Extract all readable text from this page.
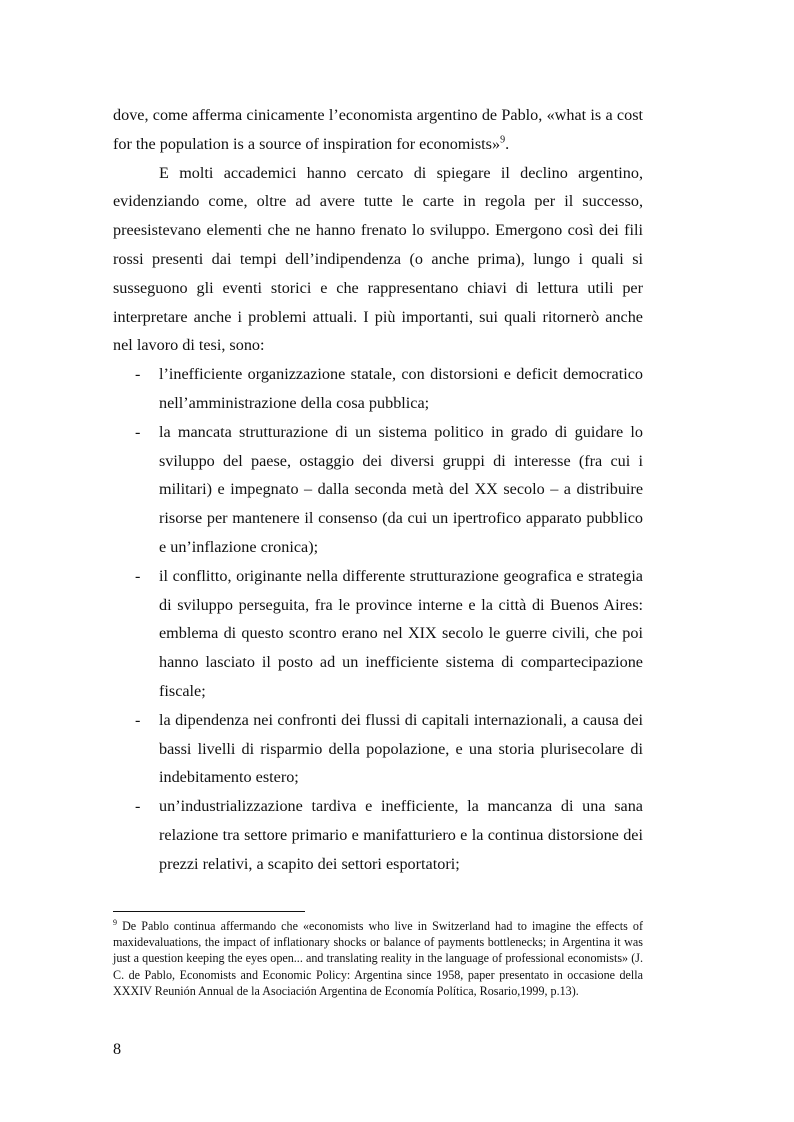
dove, come afferma cinicamente l’economista argentino de Pablo, «what is a cost for the population is a source of inspiration for economists»$^9$.

E molti accademici hanno cercato di spiegare il declino argentino, evidenziando come, oltre ad avere tutte le carte in regola per il successo, preesistevano elementi che ne hanno frenato lo sviluppo. Emergono così dei fili rossi presenti dai tempi dell’indipendenza (o anche prima), lungo i quali si susseguono gli eventi storici e che rappresentano chiavi di lettura utili per interpretare anche i problemi attuali. I più importanti, sui quali ritornerò anche nel lavoro di tesi, sono:

- l’inefficiente organizzazione statale, con distorsioni e deficit democratico nell’amministrazione della cosa pubblica;
- la mancata strutturazione di un sistema politico in grado di guidare lo sviluppo del paese, ostaggio dei diversi gruppi di interesse (fra cui i militari) e impegnato – dalla seconda metà del XX secolo – a distribuire risorse per mantenere il consenso (da cui un ipertrofico apparato pubblico e un’inflazione cronica);
- il conflitto, originante nella differente strutturazione geografica e strategia di sviluppo perseguita, fra le province interne e la città di Buenos Aires: emblema di questo scontro erano nel XIX secolo le guerre civili, che poi hanno lasciato il posto ad un inefficiente sistema di compartecipazione fiscale;
- la dipendenza nei confronti dei flussi di capitali internazionali, a causa dei bassi livelli di risparmio della popolazione, e una storia plurisecolare di indebitamento estero;
- un’industrializzazione tardiva e inefficiente, la mancanza di una sana relazione tra settore primario e manifatturiero e la continua distorsione dei prezzi relativi, a scapito dei settori esportatori;

$^9$ De Pablo continua affermando che «economists who live in Switzerland had to imagine the effects of maxidevaluations, the impact of inflationary shocks or balance of payments bottlenecks; in Argentina it was just a question keeping the eyes open... and translating reality in the language of professional economists» (J. C. de Pablo, Economists and Economic Policy: Argentina since 1958, paper presentato in occasione della XXXIV Reunión Annual de la Asociación Argentina de Economía Política, Rosario,1999, p.13).

8
